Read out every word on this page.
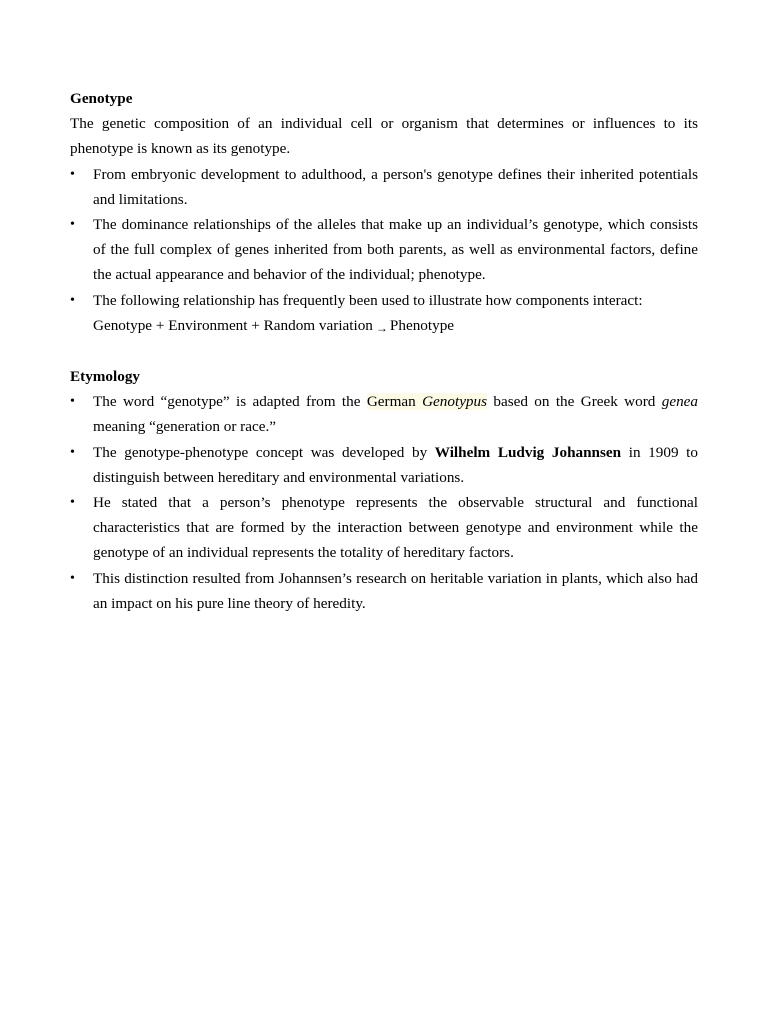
Genotype

The genetic composition of an individual cell or organism that determines or influences to its phenotype is known as its genotype.

• From embryonic development to adulthood, a person's genotype defines their inherited potentials and limitations.
• The dominance relationships of the alleles that make up an individual’s genotype, which consists of the full complex of genes inherited from both parents, as well as environmental factors, define the actual appearance and behavior of the individual; phenotype.
• The following relationship has frequently been used to illustrate how components interact:
Genotype + Environment + Random variation → Phenotype

Etymology

• The word “genotype” is adapted from the German Genotypus based on the Greek word genea meaning “generation or race.”
• The genotype-phenotype concept was developed by Wilhelm Ludvig Johannsen in 1909 to distinguish between hereditary and environmental variations.
• He stated that a person’s phenotype represents the observable structural and functional characteristics that are formed by the interaction between genotype and environment while the genotype of an individual represents the totality of hereditary factors.
• This distinction resulted from Johannsen’s research on heritable variation in plants, which also had an impact on his pure line theory of heredity.
